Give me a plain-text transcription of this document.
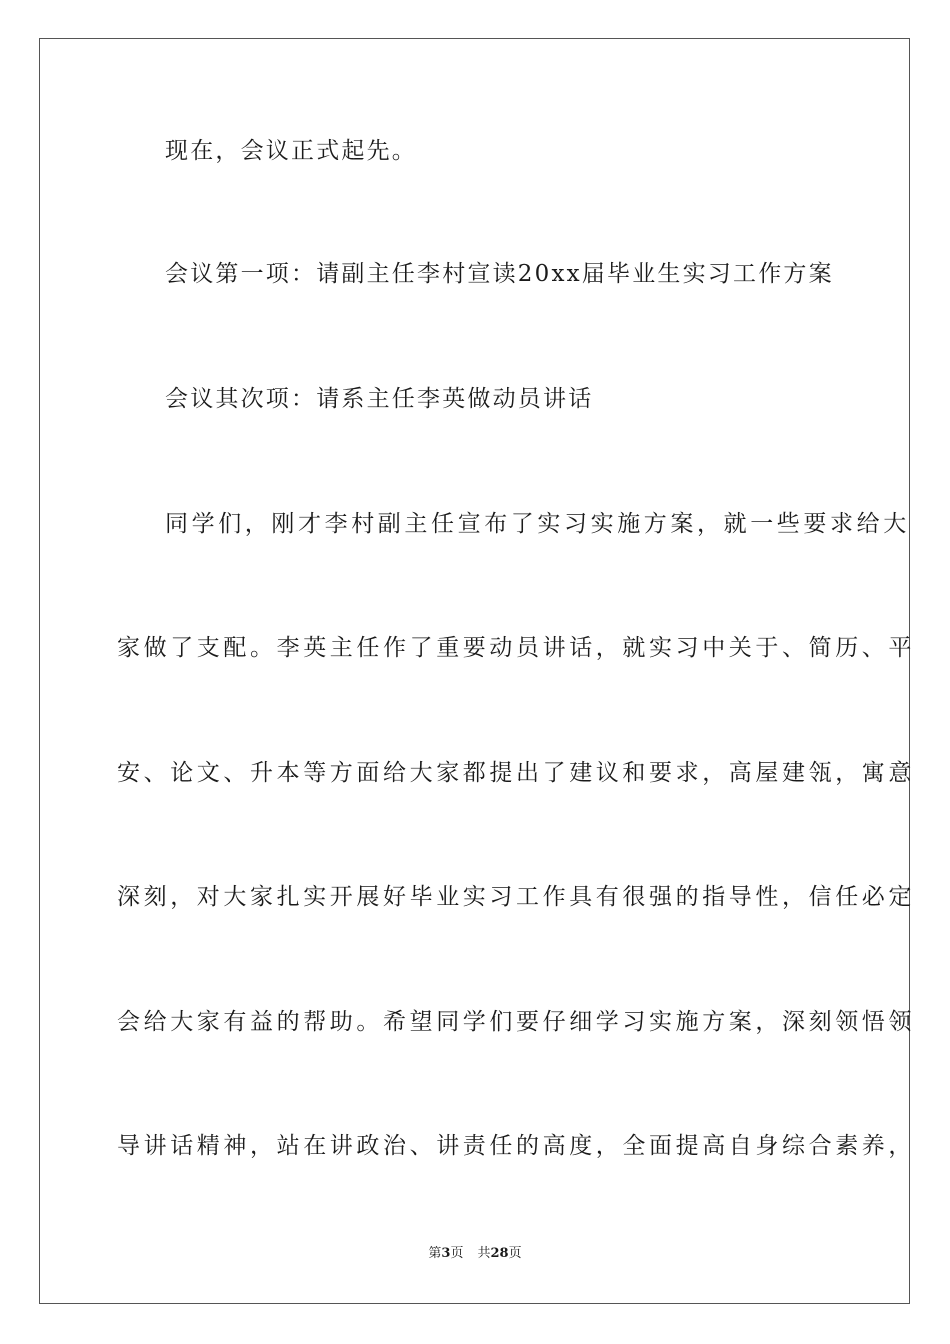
现在，会议正式起先。
会议第一项：请副主任李村宣读20xx届毕业生实习工作方案
会议其次项：请系主任李英做动员讲话
同学们，刚才李村副主任宣布了实习实施方案，就一些要求给大
家做了支配。李英主任作了重要动员讲话，就实习中关于、简历、平
安、论文、升本等方面给大家都提出了建议和要求，高屋建瓴，寓意
深刻，对大家扎实开展好毕业实习工作具有很强的指导性，信任必定
会给大家有益的帮助。希望同学们要仔细学习实施方案，深刻领悟领
导讲话精神，站在讲政治、讲责任的高度，全面提高自身综合素养，
第3页 共28页
